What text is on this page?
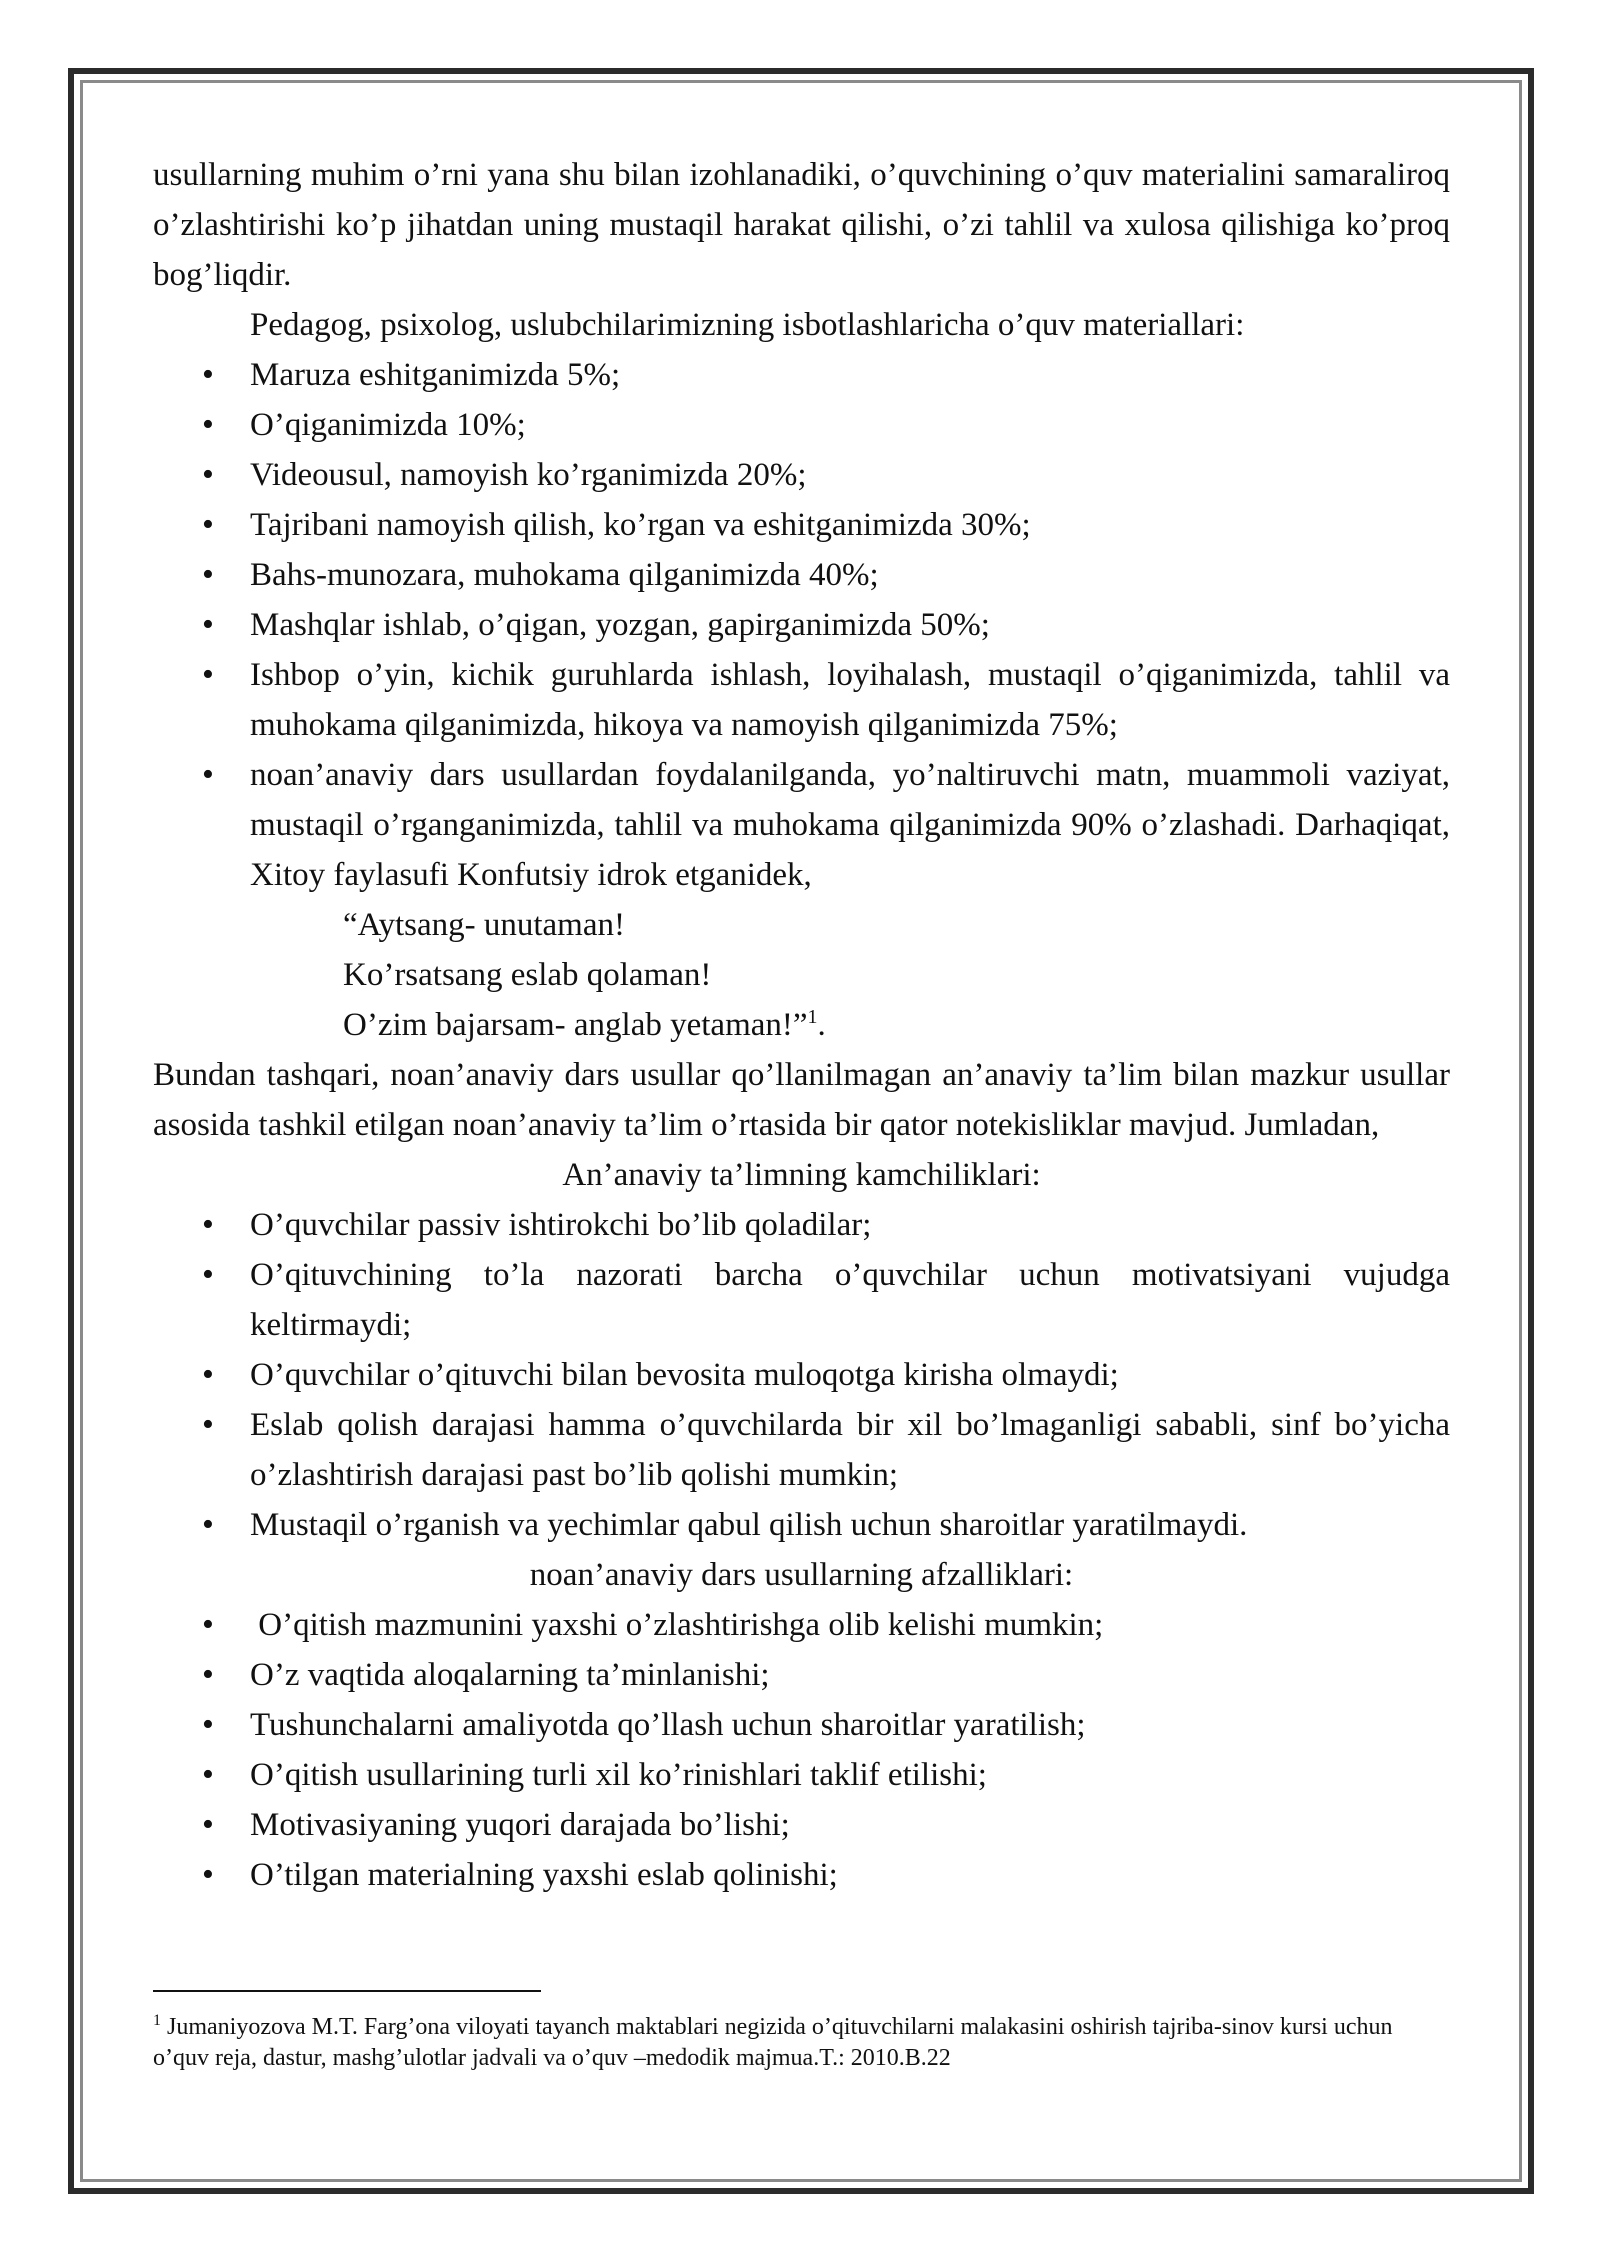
usullarning muhim o’rni yana shu bilan izohlanadiki, o’quvchining o’quv materialini samaraliroq o’zlashtirishi ko’p jihatdan uning mustaqil harakat qilishi, o’zi tahlil va xulosa qilishiga ko’proq bog’liqdir.

Pedagog, psixolog, uslubchilarimizning isbotlashlaricha o’quv materiallari:

• Maruza eshitganimizda 5%;
• O’qiganimizda 10%;
• Videousul, namoyish ko’rganimizda 20%;
• Tajribani namoyish qilish, ko’rgan va eshitganimizda 30%;
• Bahs-munozara, muhokama qilganimizda 40%;
• Mashqlar ishlab, o’qigan, yozgan, gapirganimizda 50%;
• Ishbop o’yin, kichik guruhlarda ishlash, loyihalash, mustaqil o’qiganimizda, tahlil va muhokama qilganimizda, hikoya va namoyish qilganimizda 75%;
• noan’anaviy dars usullardan foydalanilganda, yo’naltiruvchi matn, muammoli vaziyat, mustaqil o’rganganimizda, tahlil va muhokama qilganimizda 90% o’zlashadi. Darhaqiqat, Xitoy faylasufi Konfutsiy idrok etganidek,

“Aytsang- unutaman!

Ko’rsatsang eslab qolaman!

O’zim bajarsam- anglab yetaman!”$^1$.

Bundan tashqari, noan’anaviy dars usullar qo’llanilmagan an’anaviy ta’lim bilan mazkur usullar asosida tashkil etilgan noan’anaviy ta’lim o’rtasida bir qator notekisliklar mavjud. Jumladan,

An’anaviy ta’limning kamchiliklari:

• O’quvchilar passiv ishtirokchi bo’lib qoladilar;
• O’qituvchining to’la nazorati barcha o’quvchilar uchun motivatsiyani vujudga keltirmaydi;
• O’quvchilar o’qituvchi bilan bevosita muloqotga kirisha olmaydi;
• Eslab qolish darajasi hamma o’quvchilarda bir xil bo’lmaganligi sababli, sinf bo’yicha o’zlashtirish darajasi past bo’lib qolishi mumkin;
• Mustaqil o’rganish va yechimlar qabul qilish uchun sharoitlar yaratilmaydi.

noan’anaviy dars usullarning afzalliklari:

•  O’qitish mazmunini yaxshi o’zlashtirishga olib kelishi mumkin;
• O’z vaqtida aloqalarning ta’minlanishi;
• Tushunchalarni amaliyotda qo’llash uchun sharoitlar yaratilish;
• O’qitish usullarining turli xil ko’rinishlari taklif etilishi;
• Motivasiyaning yuqori darajada bo’lishi;
• O’tilgan materialning yaxshi eslab qolinishi;

$^1$ Jumaniyozova M.T. Farg’ona viloyati tayanch maktablari negizida o’qituvchilarni malakasini oshirish tajriba-sinov kursi uchun o’quv reja, dastur, mashg’ulotlar jadvali va o’quv –medodik majmua.T.: 2010.B.22
